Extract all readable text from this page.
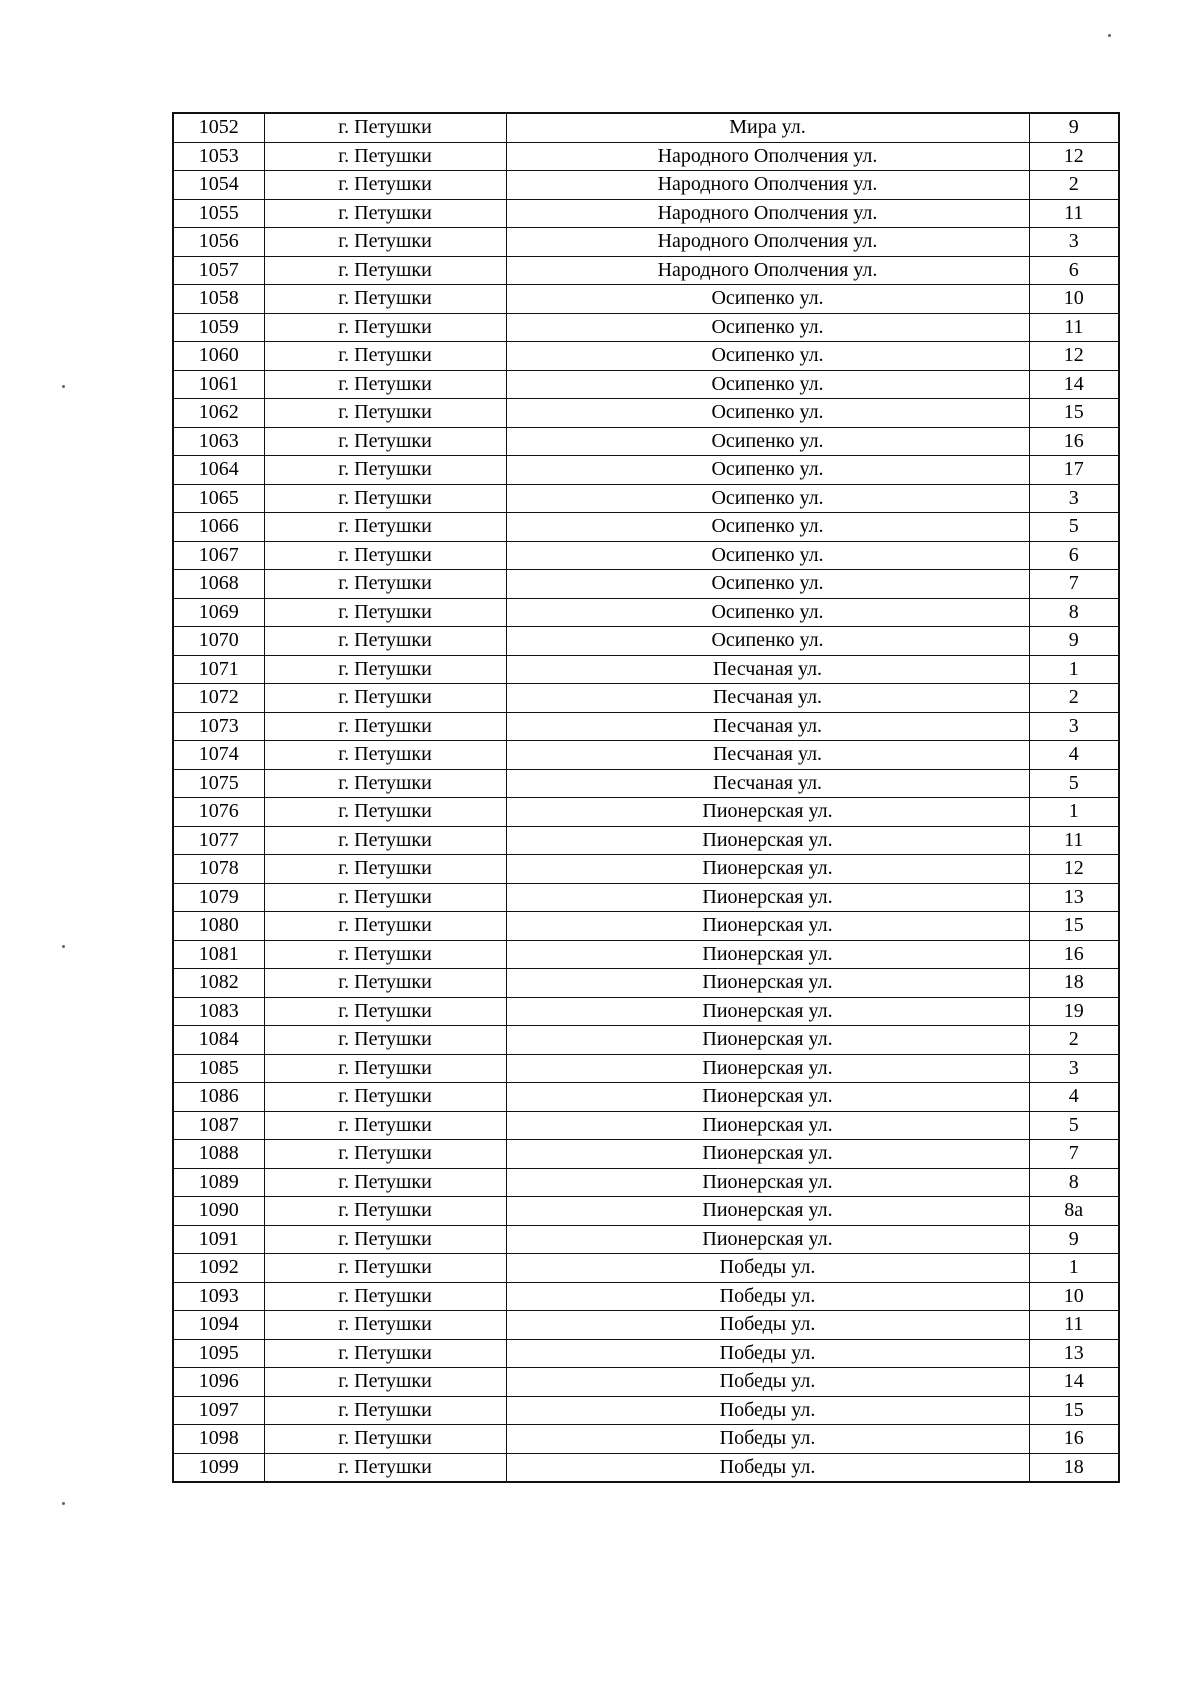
1052	г. Петушки	Мира ул.	9
1053	г. Петушки	Народного Ополчения ул.	12
1054	г. Петушки	Народного Ополчения ул.	2
1055	г. Петушки	Народного Ополчения ул.	11
1056	г. Петушки	Народного Ополчения ул.	3
1057	г. Петушки	Народного Ополчения ул.	6
1058	г. Петушки	Осипенко ул.	10
1059	г. Петушки	Осипенко ул.	11
1060	г. Петушки	Осипенко ул.	12
1061	г. Петушки	Осипенко ул.	14
1062	г. Петушки	Осипенко ул.	15
1063	г. Петушки	Осипенко ул.	16
1064	г. Петушки	Осипенко ул.	17
1065	г. Петушки	Осипенко ул.	3
1066	г. Петушки	Осипенко ул.	5
1067	г. Петушки	Осипенко ул.	6
1068	г. Петушки	Осипенко ул.	7
1069	г. Петушки	Осипенко ул.	8
1070	г. Петушки	Осипенко ул.	9
1071	г. Петушки	Песчаная ул.	1
1072	г. Петушки	Песчаная ул.	2
1073	г. Петушки	Песчаная ул.	3
1074	г. Петушки	Песчаная ул.	4
1075	г. Петушки	Песчаная ул.	5
1076	г. Петушки	Пионерская ул.	1
1077	г. Петушки	Пионерская ул.	11
1078	г. Петушки	Пионерская ул.	12
1079	г. Петушки	Пионерская ул.	13
1080	г. Петушки	Пионерская ул.	15
1081	г. Петушки	Пионерская ул.	16
1082	г. Петушки	Пионерская ул.	18
1083	г. Петушки	Пионерская ул.	19
1084	г. Петушки	Пионерская ул.	2
1085	г. Петушки	Пионерская ул.	3
1086	г. Петушки	Пионерская ул.	4
1087	г. Петушки	Пионерская ул.	5
1088	г. Петушки	Пионерская ул.	7
1089	г. Петушки	Пионерская ул.	8
1090	г. Петушки	Пионерская ул.	8а
1091	г. Петушки	Пионерская ул.	9
1092	г. Петушки	Победы ул.	1
1093	г. Петушки	Победы ул.	10
1094	г. Петушки	Победы ул.	11
1095	г. Петушки	Победы ул.	13
1096	г. Петушки	Победы ул.	14
1097	г. Петушки	Победы ул.	15
1098	г. Петушки	Победы ул.	16
1099	г. Петушки	Победы ул.	18
